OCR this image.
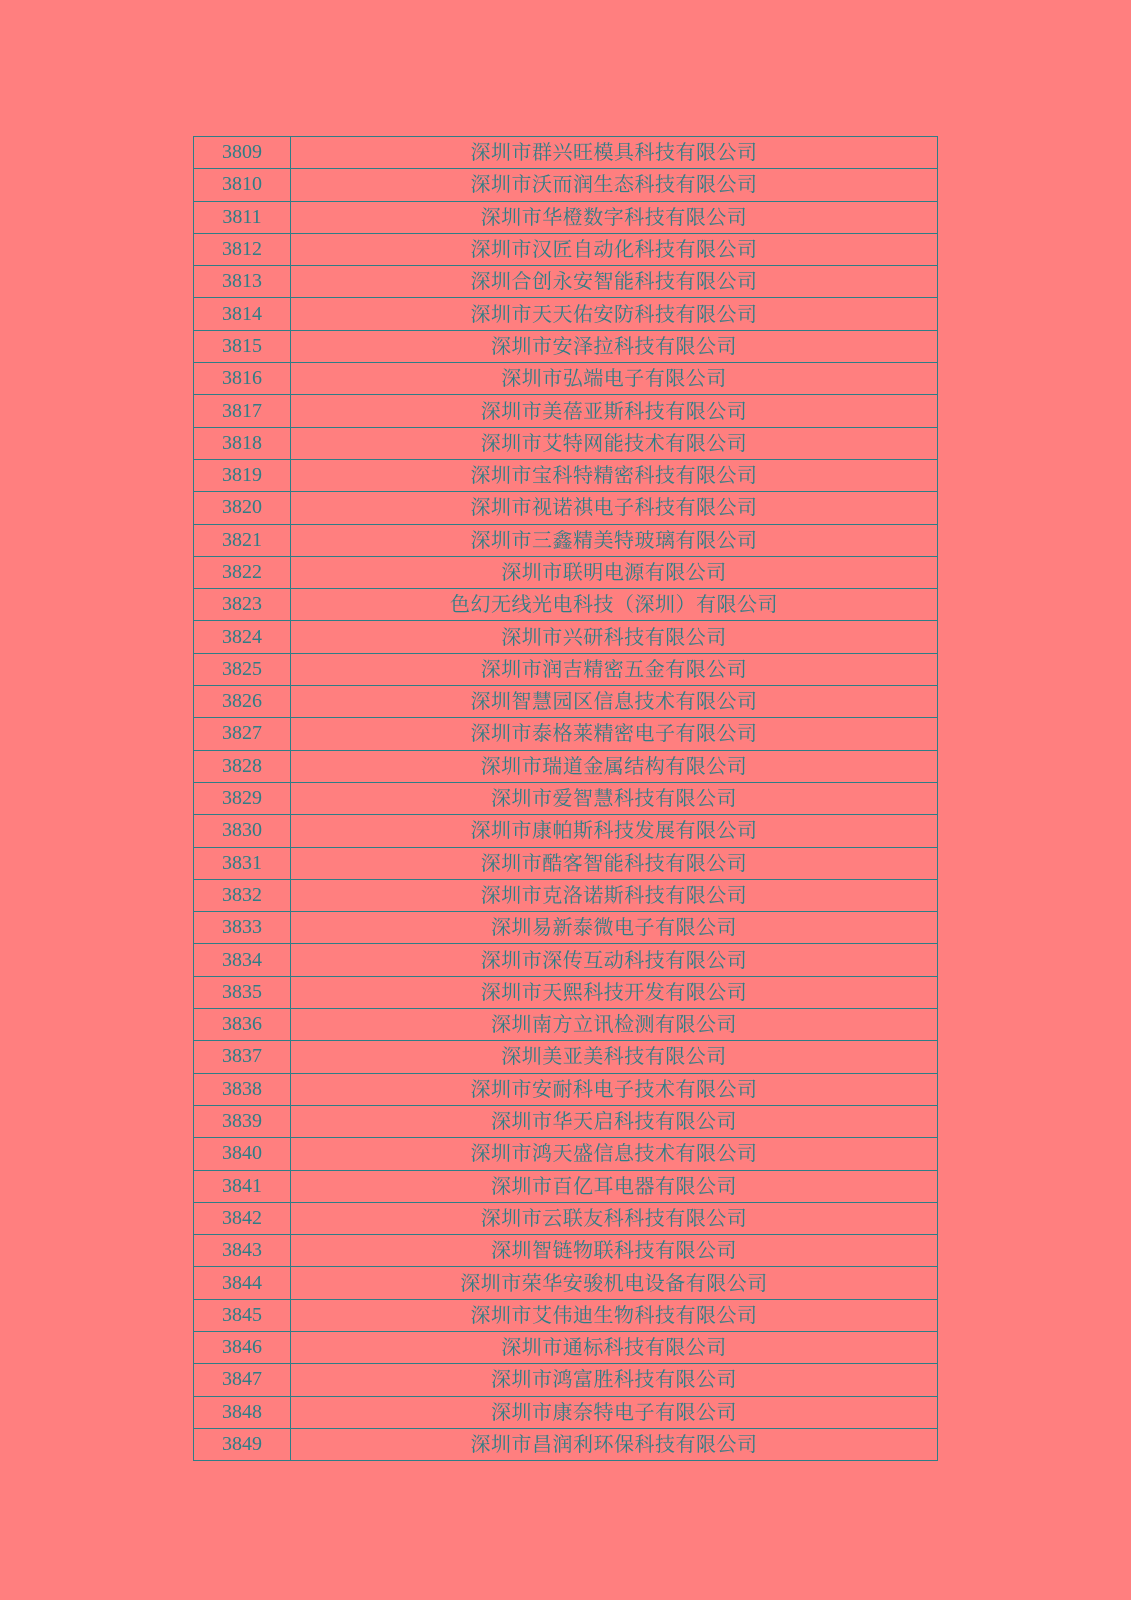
3809	深圳市群兴旺模具科技有限公司
3810	深圳市沃而润生态科技有限公司
3811	深圳市华橙数字科技有限公司
3812	深圳市汉匠自动化科技有限公司
3813	深圳合创永安智能科技有限公司
3814	深圳市天天佑安防科技有限公司
3815	深圳市安泽拉科技有限公司
3816	深圳市弘端电子有限公司
3817	深圳市美蓓亚斯科技有限公司
3818	深圳市艾特网能技术有限公司
3819	深圳市宝科特精密科技有限公司
3820	深圳市视诺祺电子科技有限公司
3821	深圳市三鑫精美特玻璃有限公司
3822	深圳市联明电源有限公司
3823	色幻无线光电科技（深圳）有限公司
3824	深圳市兴研科技有限公司
3825	深圳市润吉精密五金有限公司
3826	深圳智慧园区信息技术有限公司
3827	深圳市泰格莱精密电子有限公司
3828	深圳市瑞道金属结构有限公司
3829	深圳市爱智慧科技有限公司
3830	深圳市康帕斯科技发展有限公司
3831	深圳市酷客智能科技有限公司
3832	深圳市克洛诺斯科技有限公司
3833	深圳易新泰微电子有限公司
3834	深圳市深传互动科技有限公司
3835	深圳市天熙科技开发有限公司
3836	深圳南方立讯检测有限公司
3837	深圳美亚美科技有限公司
3838	深圳市安耐科电子技术有限公司
3839	深圳市华天启科技有限公司
3840	深圳市鸿天盛信息技术有限公司
3841	深圳市百亿耳电器有限公司
3842	深圳市云联友科科技有限公司
3843	深圳智链物联科技有限公司
3844	深圳市荣华安骏机电设备有限公司
3845	深圳市艾伟迪生物科技有限公司
3846	深圳市通标科技有限公司
3847	深圳市鸿富胜科技有限公司
3848	深圳市康奈特电子有限公司
3849	深圳市昌润利环保科技有限公司
